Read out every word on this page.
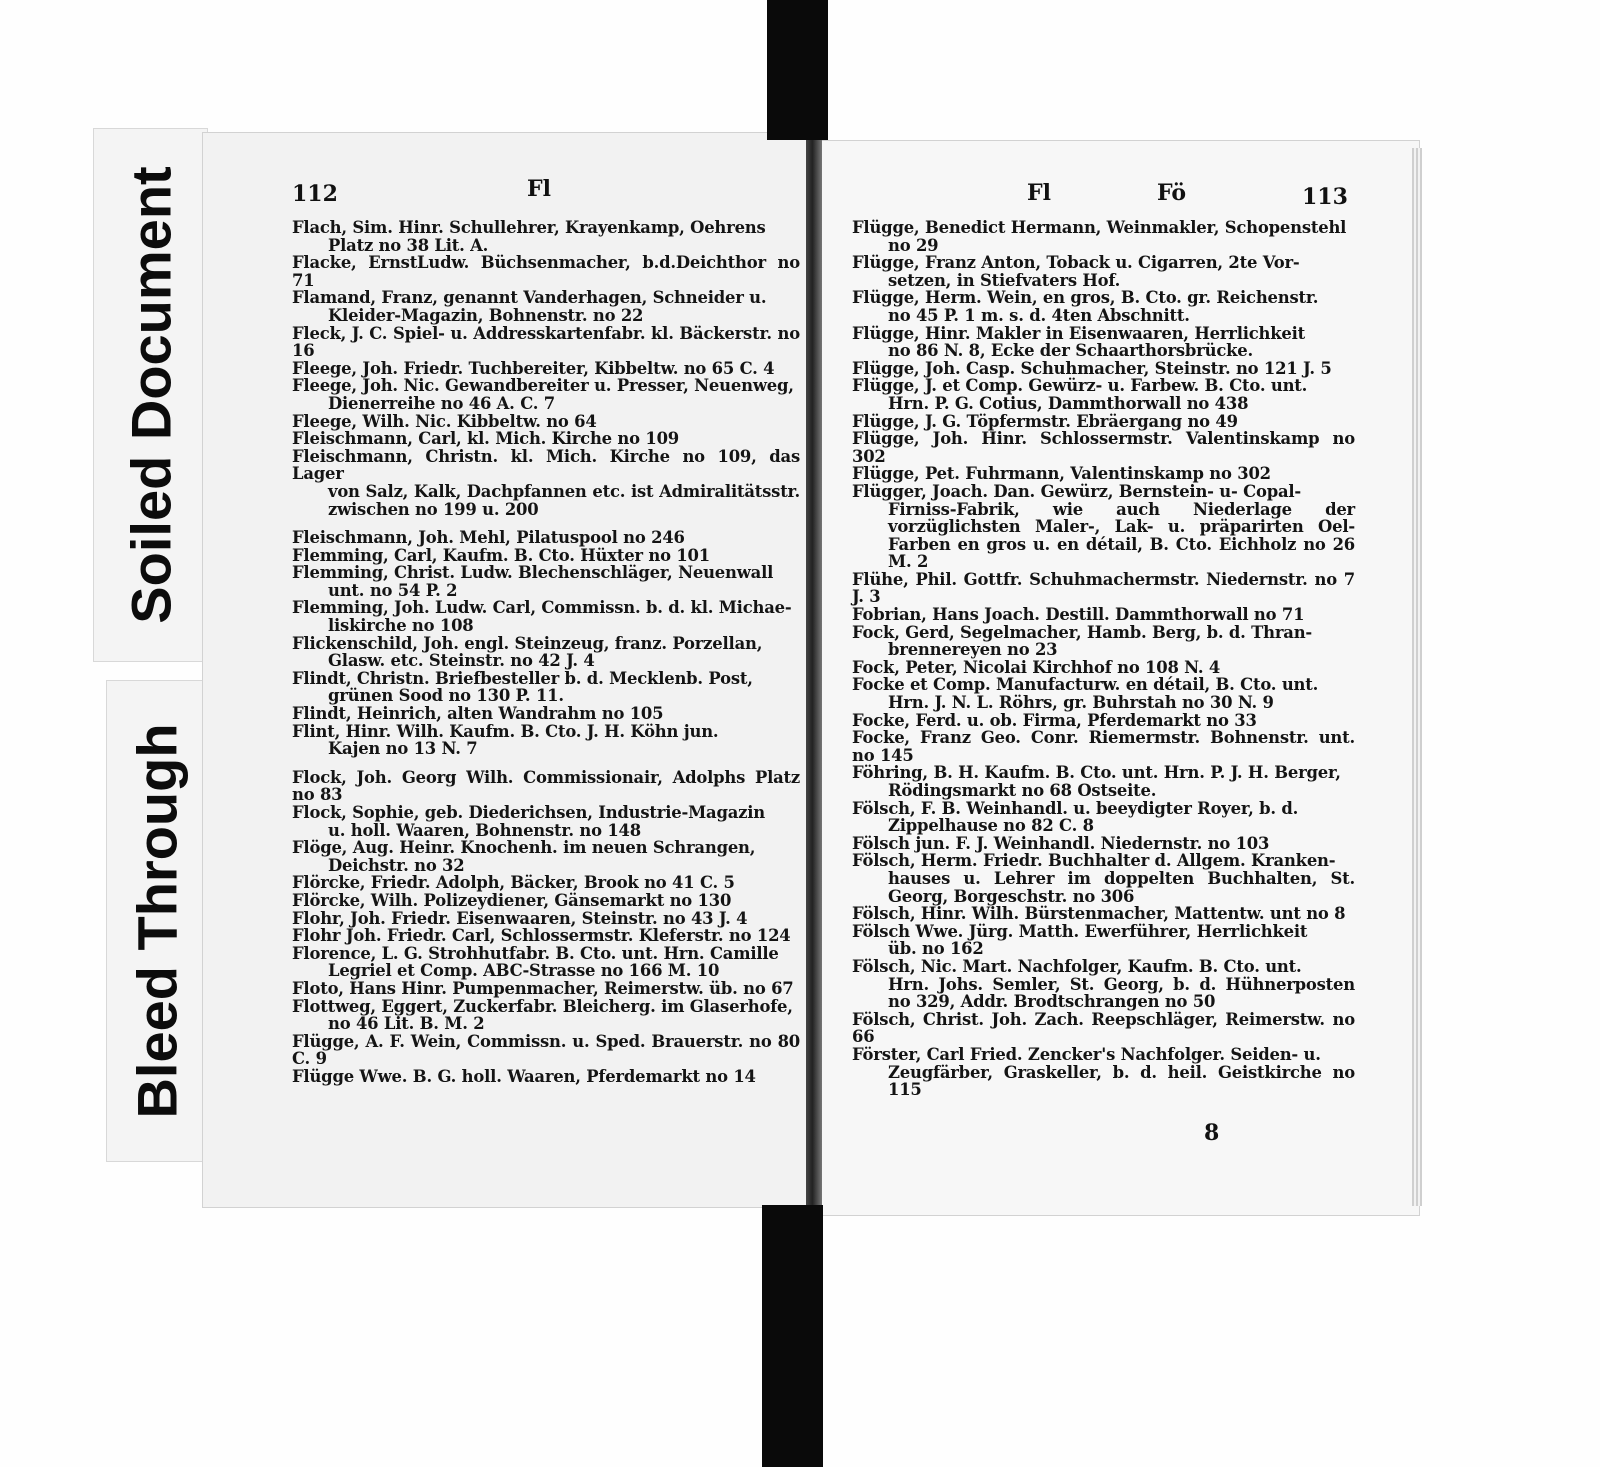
Soiled Document
Bleed Through
112	Fl	Fl	Fö	113

Flach, Sim. Hinr. Schullehrer, Krayenkamp, Oehrens
Platz no 38 Lit. A.

Flacke, ErnstLudw. Büchsenmacher, b.d.Deichthor no 71

Flamand, Franz, genannt Vanderhagen, Schneider u.
Kleider-Magazin, Bohnenstr. no 22

Fleck, J. C. Spiel- u. Addresskartenfabr. kl. Bäckerstr. no 16

Fleege, Joh. Friedr. Tuchbereiter, Kibbeltw. no 65 C. 4

Fleege, Joh. Nic. Gewandbereiter u. Presser, Neuenweg,
Dienerreihe no 46 A. C. 7

Fleege, Wilh. Nic. Kibbeltw. no 64

Fleischmann, Carl, kl. Mich. Kirche no 109

Fleischmann, Christn. kl. Mich. Kirche no 109, das Lager
von Salz, Kalk, Dachpfannen etc. ist Admiralitätsstr. zwischen no 199 u. 200

Fleischmann, Joh. Mehl, Pilatuspool no 246

Flemming, Carl, Kaufm. B. Cto. Hüxter no 101

Flemming, Christ. Ludw. Blechenschläger, Neuenwall
unt. no 54 P. 2

Flemming, Joh. Ludw. Carl, Commissn. b. d. kl. Michae-
liskirche no 108

Flickenschild, Joh. engl. Steinzeug, franz. Porzellan,
Glasw. etc. Steinstr. no 42 J. 4

Flindt, Christn. Briefbesteller b. d. Mecklenb. Post,
grünen Sood no 130 P. 11.

Flindt, Heinrich, alten Wandrahm no 105

Flint, Hinr. Wilh. Kaufm. B. Cto. J. H. Köhn jun.
Kajen no 13 N. 7

Flock, Joh. Georg Wilh. Commissionair, Adolphs Platz no 83

Flock, Sophie, geb. Diederichsen, Industrie-Magazin
u. holl. Waaren, Bohnenstr. no 148

Flöge, Aug. Heinr. Knochenh. im neuen Schrangen,
Deichstr. no 32

Flörcke, Friedr. Adolph, Bäcker, Brook no 41 C. 5

Flörcke, Wilh. Polizeydiener, Gänsemarkt no 130

Flohr, Joh. Friedr. Eisenwaaren, Steinstr. no 43 J. 4

Flohr Joh. Friedr. Carl, Schlossermstr. Kleferstr. no 124

Florence, L. G. Strohhutfabr. B. Cto. unt. Hrn. Camille
Legriel et Comp. ABC-Strasse no 166 M. 10

Floto, Hans Hinr. Pumpenmacher, Reimerstw. üb. no 67

Flottweg, Eggert, Zuckerfabr. Bleicherg. im Glaserhofe,
no 46 Lit. B. M. 2

Flügge, A. F. Wein, Commissn. u. Sped. Brauerstr. no 80 C. 9

Flügge Wwe. B. G. holl. Waaren, Pferdemarkt no 14

Flügge, Benedict Hermann, Weinmakler, Schopenstehl
no 29

Flügge, Franz Anton, Toback u. Cigarren, 2te Vor-
setzen, in Stiefvaters Hof.

Flügge, Herm. Wein, en gros, B. Cto. gr. Reichenstr.
no 45 P. 1 m. s. d. 4ten Abschnitt.

Flügge, Hinr. Makler in Eisenwaaren, Herrlichkeit
no 86 N. 8, Ecke der Schaarthorsbrücke.

Flügge, Joh. Casp. Schuhmacher, Steinstr. no 121 J. 5

Flügge, J. et Comp. Gewürz- u. Farbew. B. Cto. unt.
Hrn. P. G. Cotius, Dammthorwall no 438

Flügge, J. G. Töpfermstr. Ebräergang no 49

Flügge, Joh. Hinr. Schlossermstr. Valentinskamp no 302

Flügge, Pet. Fuhrmann, Valentinskamp no 302

Flügger, Joach. Dan. Gewürz, Bernstein- u- Copal-
Firniss-Fabrik, wie auch Niederlage der vorzüglichsten Maler-, Lak- u. präparirten Oel-Farben en gros u. en détail, B. Cto. Eichholz no 26 M. 2

Flühe, Phil. Gottfr. Schuhmachermstr. Niedernstr. no 7 J. 3

Fobrian, Hans Joach. Destill. Dammthorwall no 71

Fock, Gerd, Segelmacher, Hamb. Berg, b. d. Thran-
brennereyen no 23

Fock, Peter, Nicolai Kirchhof no 108 N. 4

Focke et Comp. Manufacturw. en détail, B. Cto. unt.
Hrn. J. N. L. Röhrs, gr. Buhrstah no 30 N. 9

Focke, Ferd. u. ob. Firma, Pferdemarkt no 33

Focke, Franz Geo. Conr. Riemermstr. Bohnenstr. unt. no 145

Föhring, B. H. Kaufm. B. Cto. unt. Hrn. P. J. H. Berger,
Rödingsmarkt no 68 Ostseite.

Fölsch, F. B. Weinhandl. u. beeydigter Royer, b. d.
Zippelhause no 82 C. 8

Fölsch jun. F. J. Weinhandl. Niedernstr. no 103

Fölsch, Herm. Friedr. Buchhalter d. Allgem. Kranken-
hauses u. Lehrer im doppelten Buchhalten, St. Georg, Borgeschstr. no 306

Fölsch, Hinr. Wilh. Bürstenmacher, Mattentw. unt no 8

Fölsch Wwe. Jürg. Matth. Ewerführer, Herrlichkeit
üb. no 162

Fölsch, Nic. Mart. Nachfolger, Kaufm. B. Cto. unt.
Hrn. Johs. Semler, St. Georg, b. d. Hühnerposten no 329, Addr. Brodtschrangen no 50

Fölsch, Christ. Joh. Zach. Reepschläger, Reimerstw. no 66

Förster, Carl Fried. Zencker's Nachfolger. Seiden- u.
Zeugfärber, Graskeller, b. d. heil. Geistkirche no 115

8
